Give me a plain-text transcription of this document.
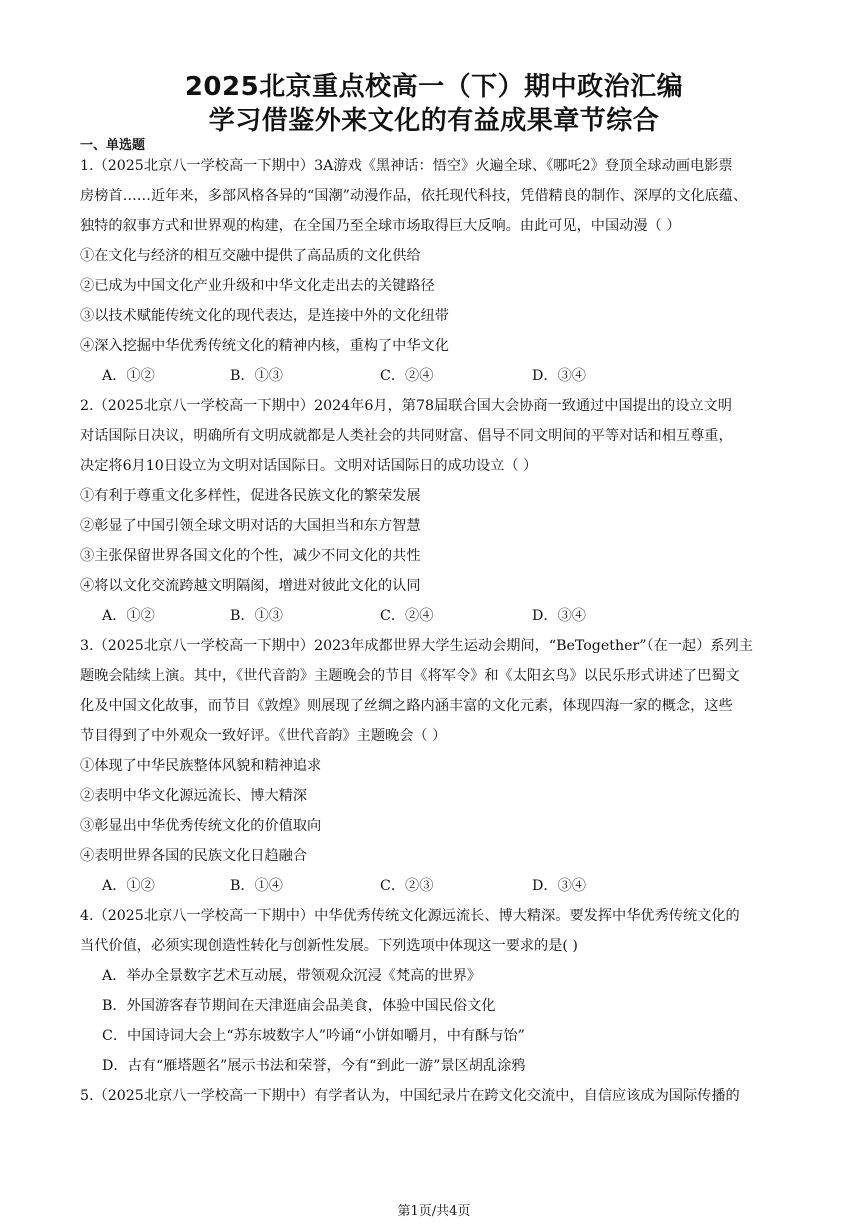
2025北京重点校高一（下）期中政治汇编
学习借鉴外来文化的有益成果章节综合
一、单选题
1.（2025北京八一学校高一下期中）3A游戏《黑神话：悟空》火遍全球、《哪吒2》登顶全球动画电影票
房榜首……近年来，多部风格各异的“国潮”动漫作品，依托现代科技，凭借精良的制作、深厚的文化底蕴、
独特的叙事方式和世界观的构建，在全国乃至全球市场取得巨大反响。由此可见，中国动漫（ ）
①在文化与经济的相互交融中提供了高品质的文化供给
②已成为中国文化产业升级和中华文化走出去的关键路径
③以技术赋能传统文化的现代表达，是连接中外的文化纽带
④深入挖掘中华优秀传统文化的精神内核，重构了中华文化
A．①②	B．①③	C．②④	D．③④
2.（2025北京八一学校高一下期中）2024年6月，第78届联合国大会协商一致通过中国提出的设立文明
对话国际日决议，明确所有文明成就都是人类社会的共同财富、倡导不同文明间的平等对话和相互尊重，
决定将6月10日设立为文明对话国际日。文明对话国际日的成功设立（ ）
①有利于尊重文化多样性，促进各民族文化的繁荣发展
②彰显了中国引领全球文明对话的大国担当和东方智慧
③主张保留世界各国文化的个性，减少不同文化的共性
④将以文化交流跨越文明隔阂，增进对彼此文化的认同
A．①②	B．①③	C．②④	D．③④
3.（2025北京八一学校高一下期中）2023年成都世界大学生运动会期间，“BeTogether”（在一起）系列主
题晚会陆续上演。其中，《世代音韵》主题晚会的节目《将军令》和《太阳玄鸟》以民乐形式讲述了巴蜀文
化及中国文化故事，而节目《敦煌》则展现了丝绸之路内涵丰富的文化元素，体现四海一家的概念，这些
节目得到了中外观众一致好评。《世代音韵》主题晚会（ ）
①体现了中华民族整体风貌和精神追求
②表明中华文化源远流长、博大精深
③彰显出中华优秀传统文化的价值取向
④表明世界各国的民族文化日趋融合
A．①②	B．①④	C．②③	D．③④
4.（2025北京八一学校高一下期中）中华优秀传统文化源远流长、博大精深。要发挥中华优秀传统文化的
当代价值，必须实现创造性转化与创新性发展。下列选项中体现这一要求的是( )
A．举办全景数字艺术互动展，带领观众沉浸《梵高的世界》
B．外国游客春节期间在天津逛庙会品美食，体验中国民俗文化
C．中国诗词大会上“苏东坡数字人”吟诵“小饼如嚼月，中有酥与饴”
D．古有“雁塔题名”展示书法和荣誉，今有“到此一游”景区胡乱涂鸦
5.（2025北京八一学校高一下期中）有学者认为，中国纪录片在跨文化交流中，自信应该成为国际传播的
第1页/共4页
